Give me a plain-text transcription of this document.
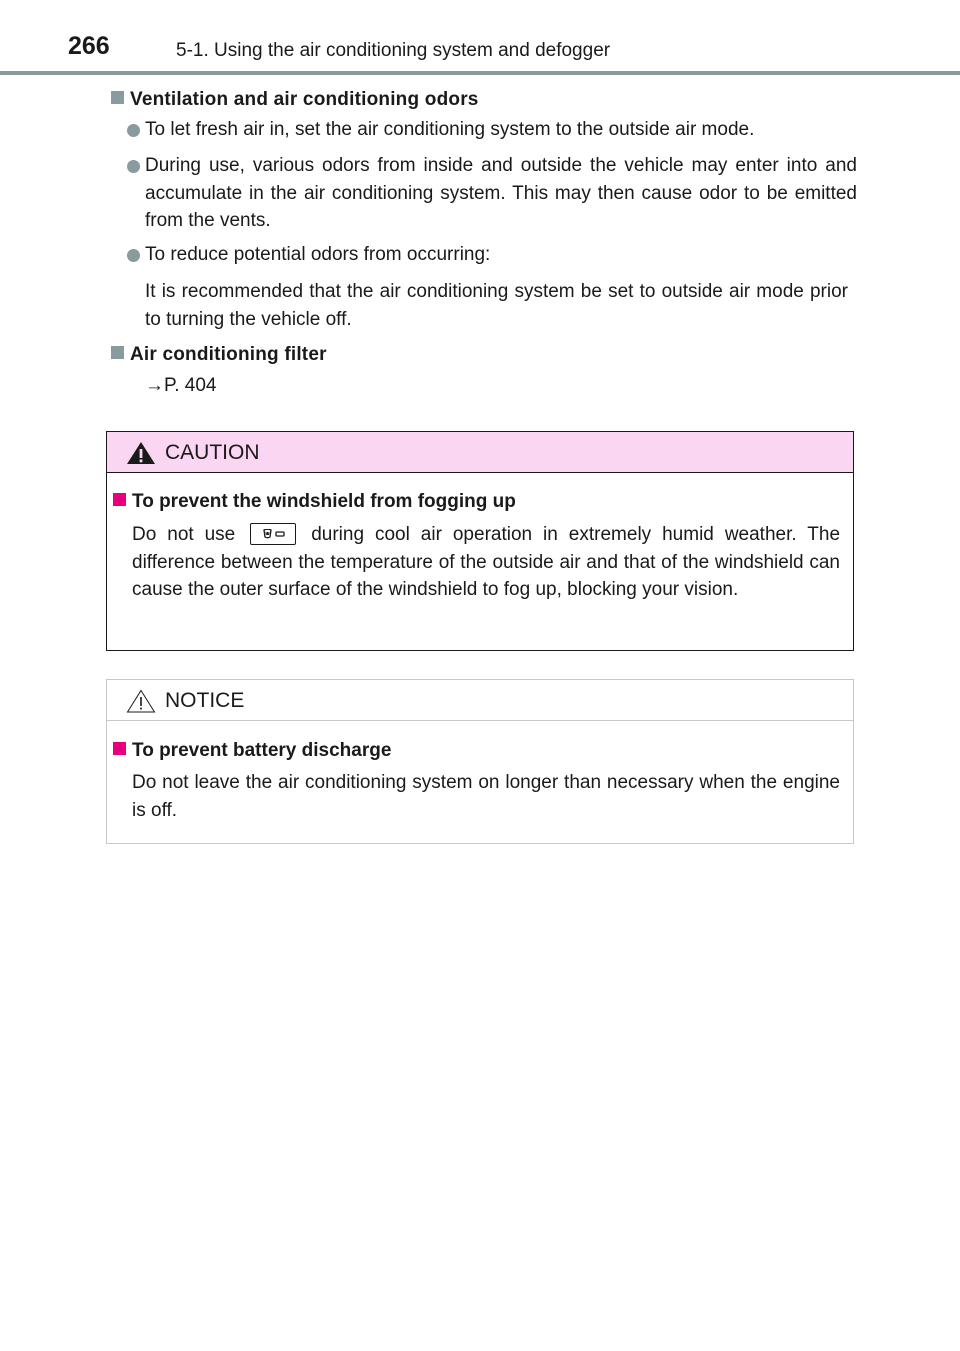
266	5-1. Using the air conditioning system and defogger
Ventilation and air conditioning odors
To let fresh air in, set the air conditioning system to the outside air mode.
During use, various odors from inside and outside the vehicle may enter into and accumulate in the air conditioning system. This may then cause odor to be emitted from the vents.
To reduce potential odors from occurring:
It is recommended that the air conditioning system be set to outside air mode prior to turning the vehicle off.
Air conditioning filter
→P. 404
CAUTION
To prevent the windshield from fogging up
Do not use	during cool air operation in extremely humid weather. The difference between the temperature of the outside air and that of the windshield can cause the outer surface of the windshield to fog up, blocking your vision.
NOTICE
To prevent battery discharge
Do not leave the air conditioning system on longer than necessary when the engine is off.
